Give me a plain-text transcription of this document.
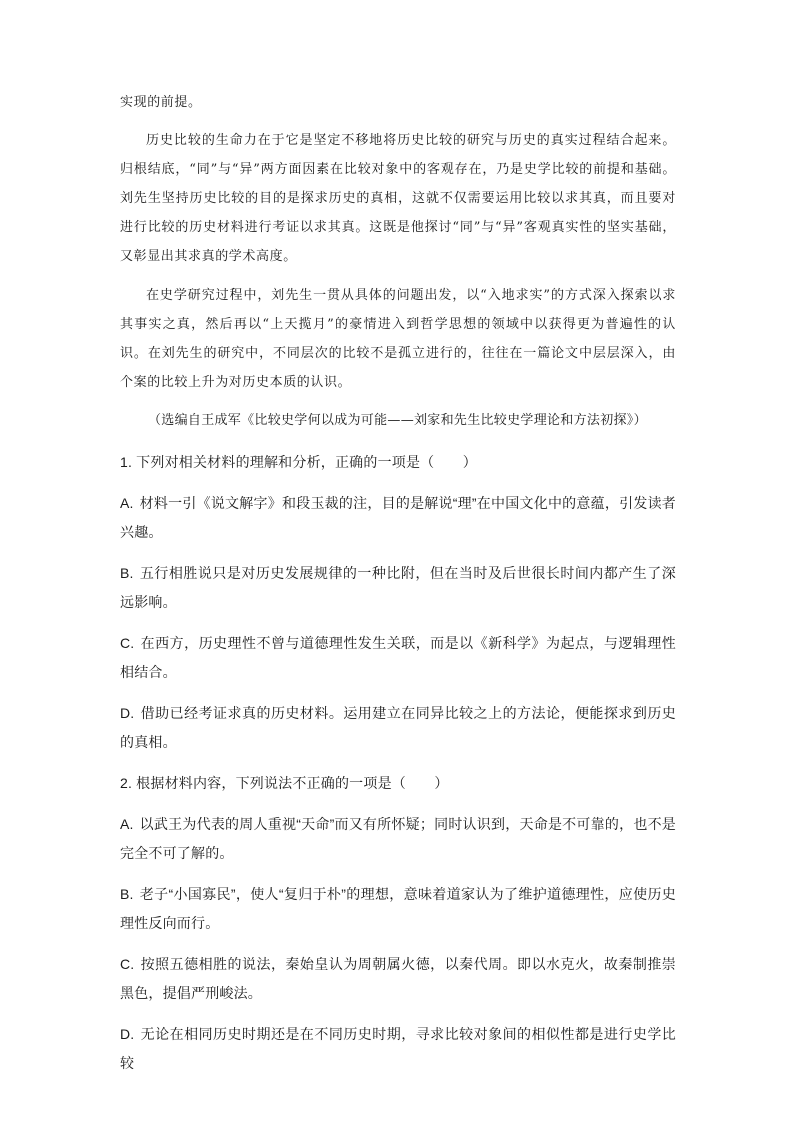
实现的前提。

历史比较的生命力在于它是坚定不移地将历史比较的研究与历史的真实过程结合起来。归根结底，“同”与“异”两方面因素在比较对象中的客观存在，乃是史学比较的前提和基础。刘先生坚持历史比较的目的是探求历史的真相，这就不仅需要运用比较以求其真，而且要对进行比较的历史材料进行考证以求其真。这既是他探讨“同”与“异”客观真实性的坚实基础，又彰显出其求真的学术高度。

在史学研究过程中，刘先生一贯从具体的问题出发，以“入地求实”的方式深入探索以求其事实之真，然后再以“上天揽月”的豪情进入到哲学思想的领域中以获得更为普遍性的认识。在刘先生的研究中，不同层次的比较不是孤立进行的，往往在一篇论文中层层深入，由个案的比较上升为对历史本质的认识。

（选编自王成军《比较史学何以成为可能——刘家和先生比较史学理论和方法初探》）

1. 下列对相关材料的理解和分析，正确的一项是（　　）

A. 材料一引《说文解字》和段玉裁的注，目的是解说“理”在中国文化中的意蕴，引发读者兴趣。

B. 五行相胜说只是对历史发展规律的一种比附，但在当时及后世很长时间内都产生了深远影响。

C. 在西方，历史理性不曾与道德理性发生关联，而是以《新科学》为起点，与逻辑理性相结合。

D. 借助已经考证求真的历史材料。运用建立在同异比较之上的方法论，便能探求到历史的真相。

2. 根据材料内容，下列说法不正确的一项是（　　）

A. 以武王为代表的周人重视“天命”而又有所怀疑；同时认识到，天命是不可靠的，也不是完全不可了解的。

B. 老子“小国寡民”，使人“复归于朴”的理想，意味着道家认为了维护道德理性，应使历史理性反向而行。

C. 按照五德相胜的说法，秦始皇认为周朝属火德，以秦代周。即以水克火，故秦制推崇黑色，提倡严刑峻法。

D. 无论在相同历史时期还是在不同历史时期，寻求比较对象间的相似性都是进行史学比较
